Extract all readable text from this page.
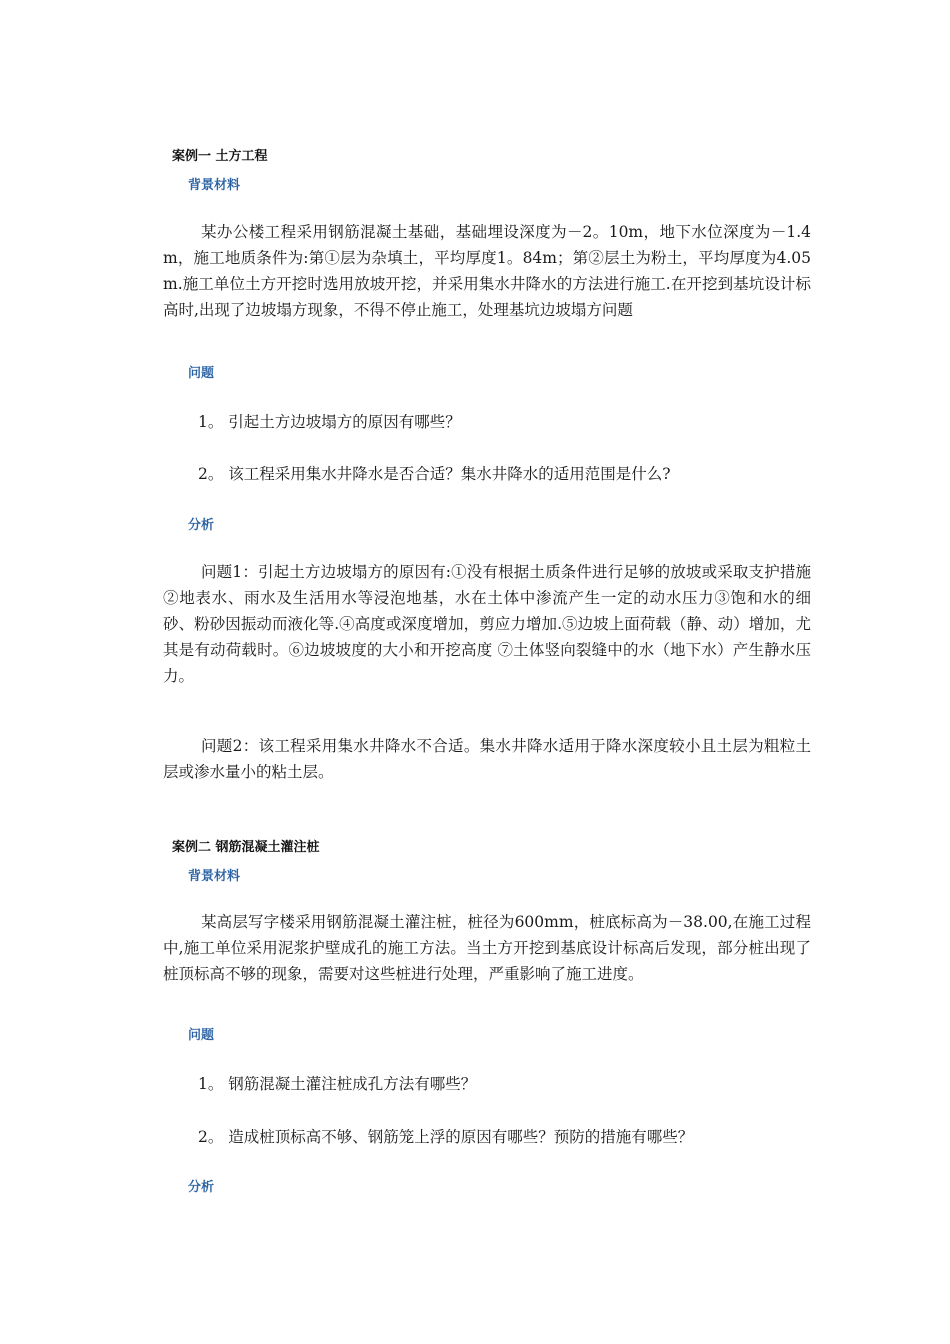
案例一 土方工程
背景材料
某办公楼工程采用钢筋混凝土基础，基础埋设深度为－2。10m，地下水位深度为－1.4m，施工地质条件为:第①层为杂填土，平均厚度1。84m；第②层土为粉土，平均厚度为4.05m.施工单位土方开挖时选用放坡开挖，并采用集水井降水的方法进行施工.在开挖到基坑设计标高时,出现了边坡塌方现象，不得不停止施工，处理基坑边坡塌方问题
问题
1。 引起土方边坡塌方的原因有哪些？
2。 该工程采用集水井降水是否合适？集水井降水的适用范围是什么?
分析
问题1：引起土方边坡塌方的原因有:①没有根据土质条件进行足够的放坡或采取支护措施②地表水、雨水及生活用水等浸泡地基，水在土体中渗流产生一定的动水压力③饱和水的细砂、粉砂因振动而液化等.④高度或深度增加，剪应力增加.⑤边坡上面荷载（静、动）增加，尤其是有动荷载时。⑥边坡坡度的大小和开挖高度 ⑦土体竖向裂缝中的水（地下水）产生静水压力。
问题2：该工程采用集水井降水不合适。集水井降水适用于降水深度较小且土层为粗粒土层或渗水量小的粘土层。
案例二 钢筋混凝土灌注桩
背景材料
某高层写字楼采用钢筋混凝土灌注桩，桩径为600mm，桩底标高为－38.00,在施工过程中,施工单位采用泥浆护壁成孔的施工方法。当土方开挖到基底设计标高后发现，部分桩出现了桩顶标高不够的现象，需要对这些桩进行处理，严重影响了施工进度。
问题
1。 钢筋混凝土灌注桩成孔方法有哪些？
2。 造成桩顶标高不够、钢筋笼上浮的原因有哪些？预防的措施有哪些？
分析
